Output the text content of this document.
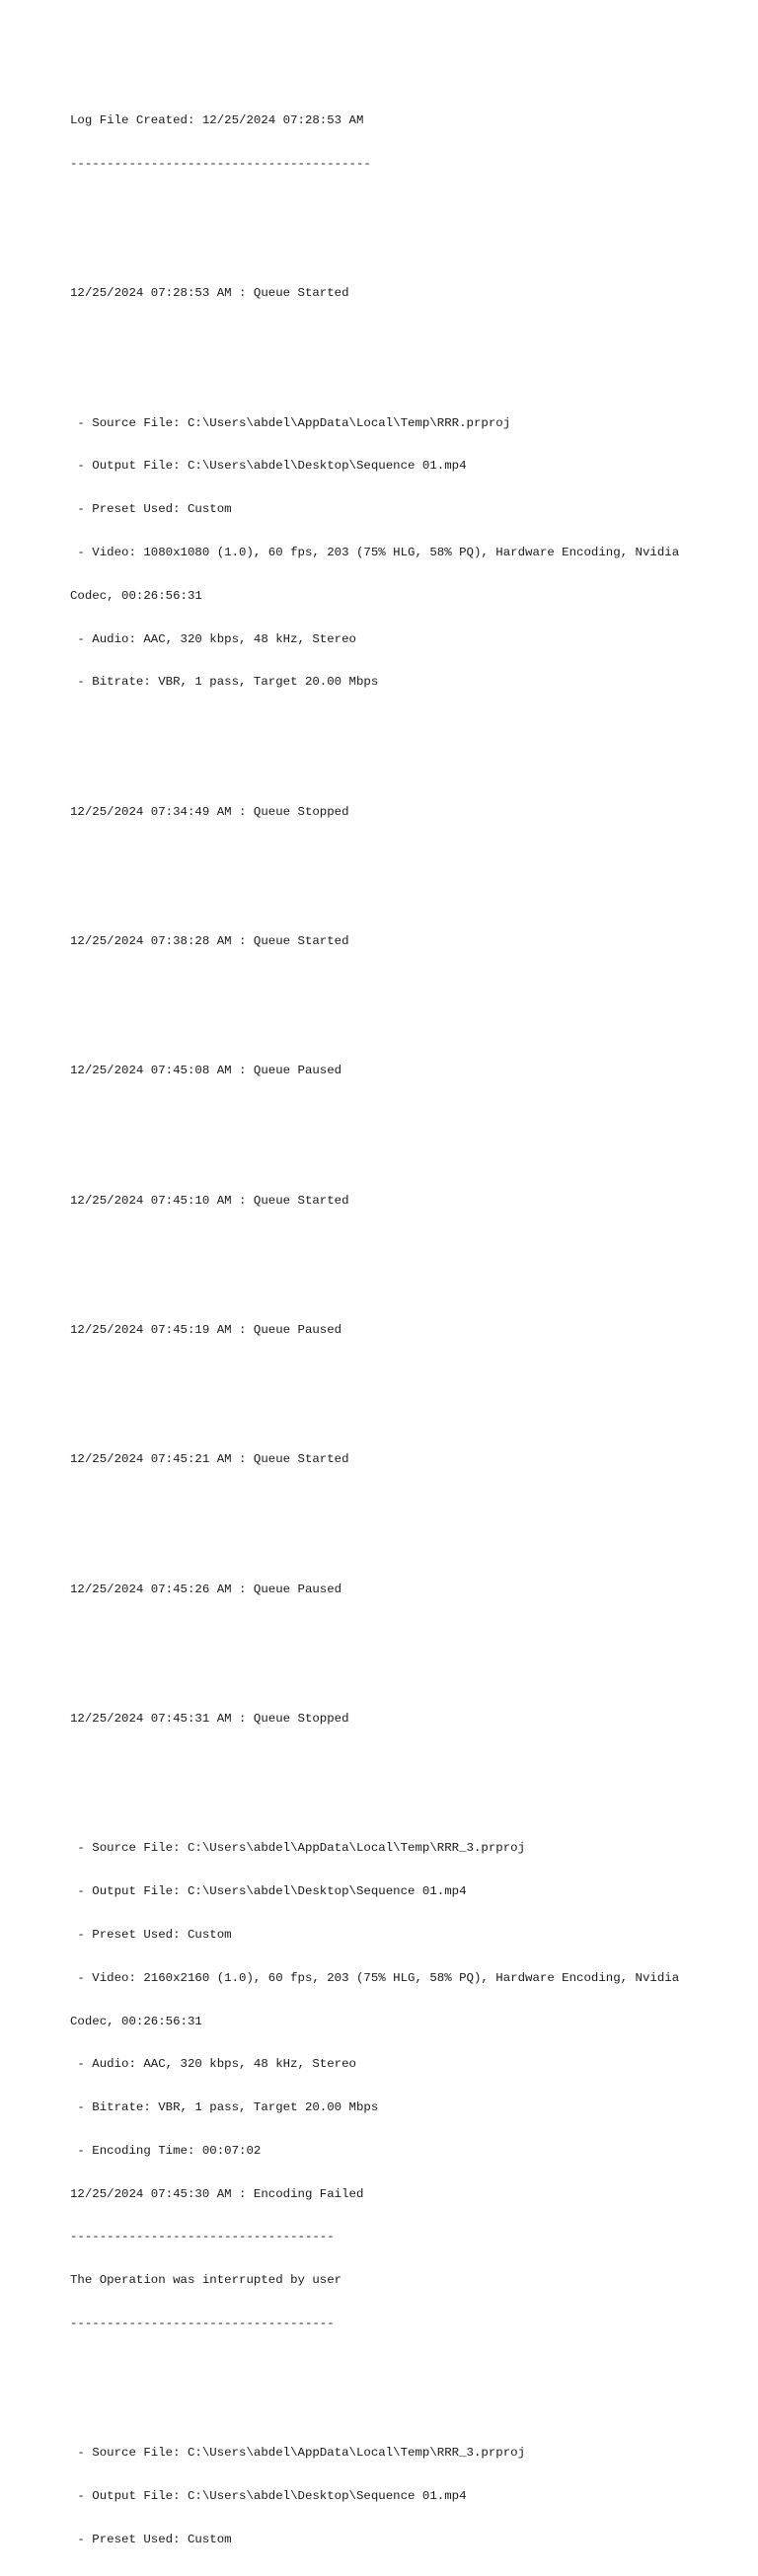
Log File Created: 12/25/2024 07:28:53 AM

-----------------------------------------

12/25/2024 07:28:53 AM : Queue Started

- Source File: C:\Users\abdel\AppData\Local\Temp\RRR.prproj

- Output File: C:\Users\abdel\Desktop\Sequence 01.mp4

- Preset Used: Custom

- Video: 1080x1080 (1.0), 60 fps, 203 (75% HLG, 58% PQ), Hardware Encoding, Nvidia

Codec, 00:26:56:31

- Audio: AAC, 320 kbps, 48 kHz, Stereo

- Bitrate: VBR, 1 pass, Target 20.00 Mbps

12/25/2024 07:34:49 AM : Queue Stopped

12/25/2024 07:38:28 AM : Queue Started

12/25/2024 07:45:08 AM : Queue Paused

12/25/2024 07:45:10 AM : Queue Started

12/25/2024 07:45:19 AM : Queue Paused

12/25/2024 07:45:21 AM : Queue Started

12/25/2024 07:45:26 AM : Queue Paused

12/25/2024 07:45:31 AM : Queue Stopped

- Source File: C:\Users\abdel\AppData\Local\Temp\RRR_3.prproj

- Output File: C:\Users\abdel\Desktop\Sequence 01.mp4

- Preset Used: Custom

- Video: 2160x2160 (1.0), 60 fps, 203 (75% HLG, 58% PQ), Hardware Encoding, Nvidia

Codec, 00:26:56:31

- Audio: AAC, 320 kbps, 48 kHz, Stereo

- Bitrate: VBR, 1 pass, Target 20.00 Mbps

- Encoding Time: 00:07:02

12/25/2024 07:45:30 AM : Encoding Failed

------------------------------------

The Operation was interrupted by user

------------------------------------

- Source File: C:\Users\abdel\AppData\Local\Temp\RRR_3.prproj

- Output File: C:\Users\abdel\Desktop\Sequence 01.mp4

- Preset Used: Custom
